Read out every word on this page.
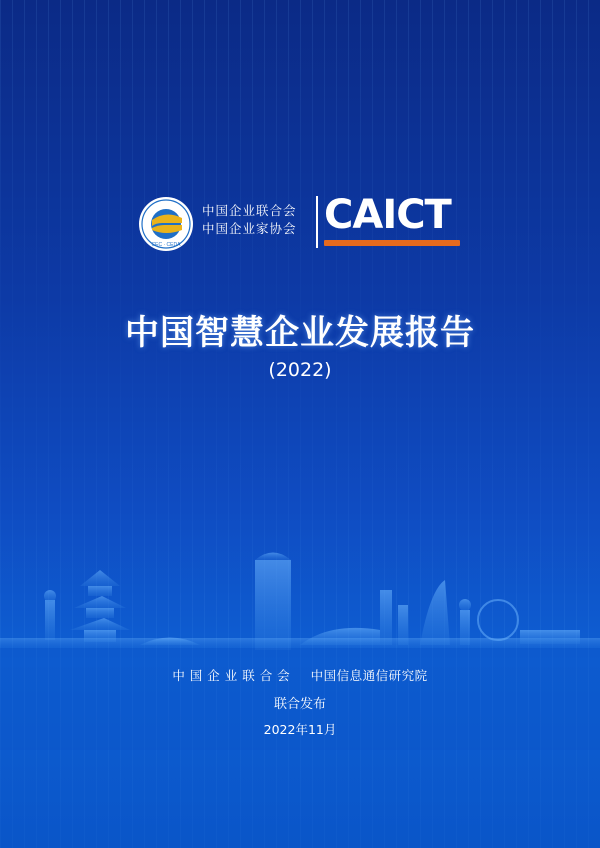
CEC · CEDA
中国企业联合会
中国企业家协会 CAICT
中国智慧企业发展报告
(2022)
中 国 企 业 联 合 会 中国信息通信研究院
联合发布
2022年11月
